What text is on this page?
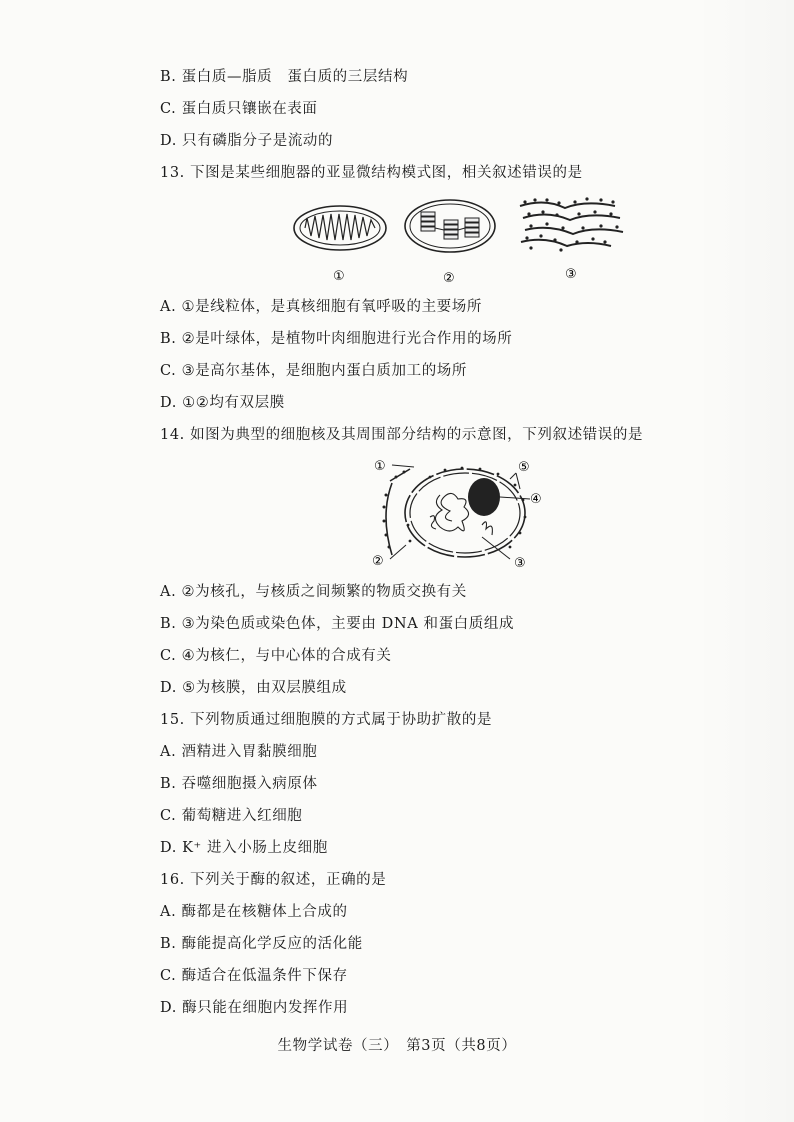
B. 蛋白质—脂质　蛋白质的三层结构
C. 蛋白质只镶嵌在表面
D. 只有磷脂分子是流动的
13. 下图是某些细胞器的亚显微结构模式图，相关叙述错误的是
①	②	③
A. ①是线粒体，是真核细胞有氧呼吸的主要场所
B. ②是叶绿体，是植物叶肉细胞进行光合作用的场所
C. ③是高尔基体，是细胞内蛋白质加工的场所
D. ①②均有双层膜
14. 如图为典型的细胞核及其周围部分结构的示意图，下列叙述错误的是
①
②	③
④
⑤
A. ②为核孔，与核质之间频繁的物质交换有关
B. ③为染色质或染色体，主要由 DNA 和蛋白质组成
C. ④为核仁，与中心体的合成有关
D. ⑤为核膜，由双层膜组成
15. 下列物质通过细胞膜的方式属于协助扩散的是
A. 酒精进入胃黏膜细胞
B. 吞噬细胞摄入病原体
C. 葡萄糖进入红细胞
D. K⁺ 进入小肠上皮细胞
16. 下列关于酶的叙述，正确的是
A. 酶都是在核糖体上合成的
B. 酶能提高化学反应的活化能
C. 酶适合在低温条件下保存
D. 酶只能在细胞内发挥作用
生物学试卷（三）　第3页（共8页）
